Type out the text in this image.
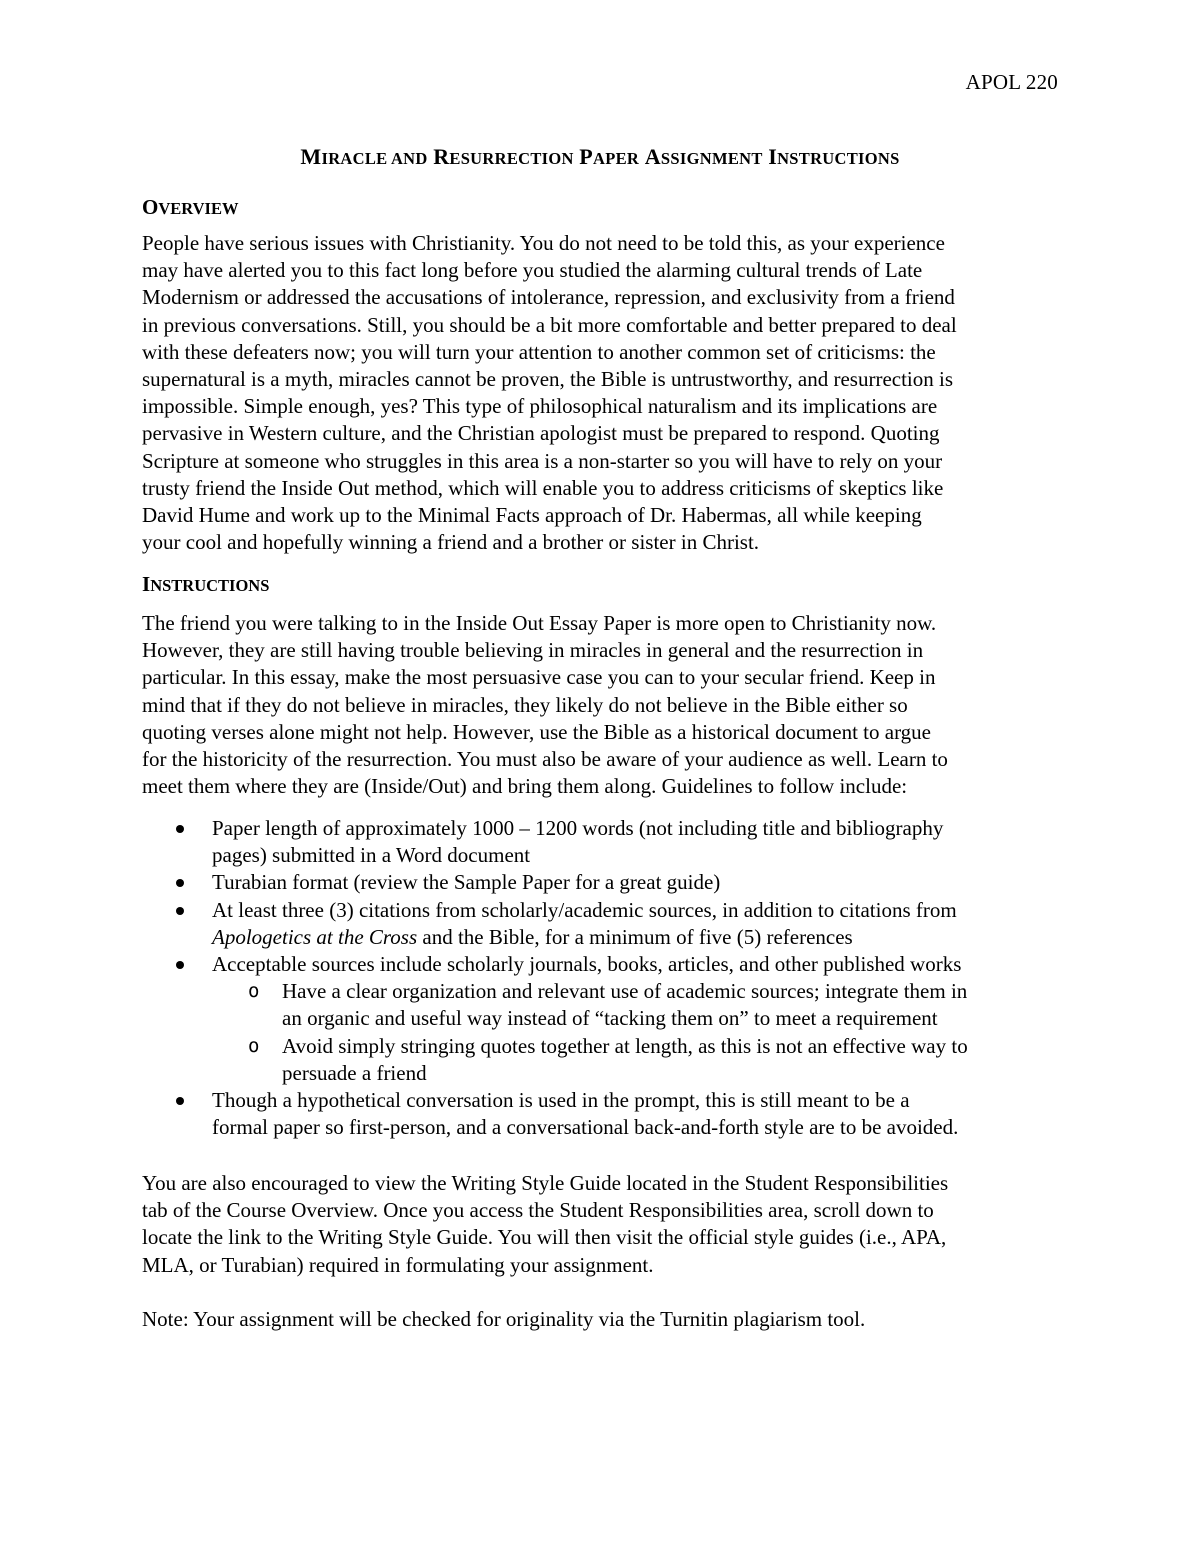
APOL 220
MIRACLE AND RESURRECTION PAPER ASSIGNMENT INSTRUCTIONS
OVERVIEW
People have serious issues with Christianity. You do not need to be told this, as your experience
may have alerted you to this fact long before you studied the alarming cultural trends of Late
Modernism or addressed the accusations of intolerance, repression, and exclusivity from a friend
in previous conversations. Still, you should be a bit more comfortable and better prepared to deal
with these defeaters now; you will turn your attention to another common set of criticisms: the
supernatural is a myth, miracles cannot be proven, the Bible is untrustworthy, and resurrection is
impossible. Simple enough, yes? This type of philosophical naturalism and its implications are
pervasive in Western culture, and the Christian apologist must be prepared to respond. Quoting
Scripture at someone who struggles in this area is a non-starter so you will have to rely on your
trusty friend the Inside Out method, which will enable you to address criticisms of skeptics like
David Hume and work up to the Minimal Facts approach of Dr. Habermas, all while keeping
your cool and hopefully winning a friend and a brother or sister in Christ.
INSTRUCTIONS
The friend you were talking to in the Inside Out Essay Paper is more open to Christianity now.
However, they are still having trouble believing in miracles in general and the resurrection in
particular. In this essay, make the most persuasive case you can to your secular friend. Keep in
mind that if they do not believe in miracles, they likely do not believe in the Bible either so
quoting verses alone might not help. However, use the Bible as a historical document to argue
for the historicity of the resurrection. You must also be aware of your audience as well. Learn to
meet them where they are (Inside/Out) and bring them along. Guidelines to follow include:
Paper length of approximately 1000 – 1200 words (not including title and bibliography
pages) submitted in a Word document
Turabian format (review the Sample Paper for a great guide)
At least three (3) citations from scholarly/academic sources, in addition to citations from
Apologetics at the Cross and the Bible, for a minimum of five (5) references
Acceptable sources include scholarly journals, books, articles, and other published works
o Have a clear organization and relevant use of academic sources; integrate them in
an organic and useful way instead of “tacking them on” to meet a requirement
o Avoid simply stringing quotes together at length, as this is not an effective way to
persuade a friend
Though a hypothetical conversation is used in the prompt, this is still meant to be a
formal paper so first-person, and a conversational back-and-forth style are to be avoided.
You are also encouraged to view the Writing Style Guide located in the Student Responsibilities
tab of the Course Overview. Once you access the Student Responsibilities area, scroll down to
locate the link to the Writing Style Guide. You will then visit the official style guides (i.e., APA,
MLA, or Turabian) required in formulating your assignment.
Note: Your assignment will be checked for originality via the Turnitin plagiarism tool.
